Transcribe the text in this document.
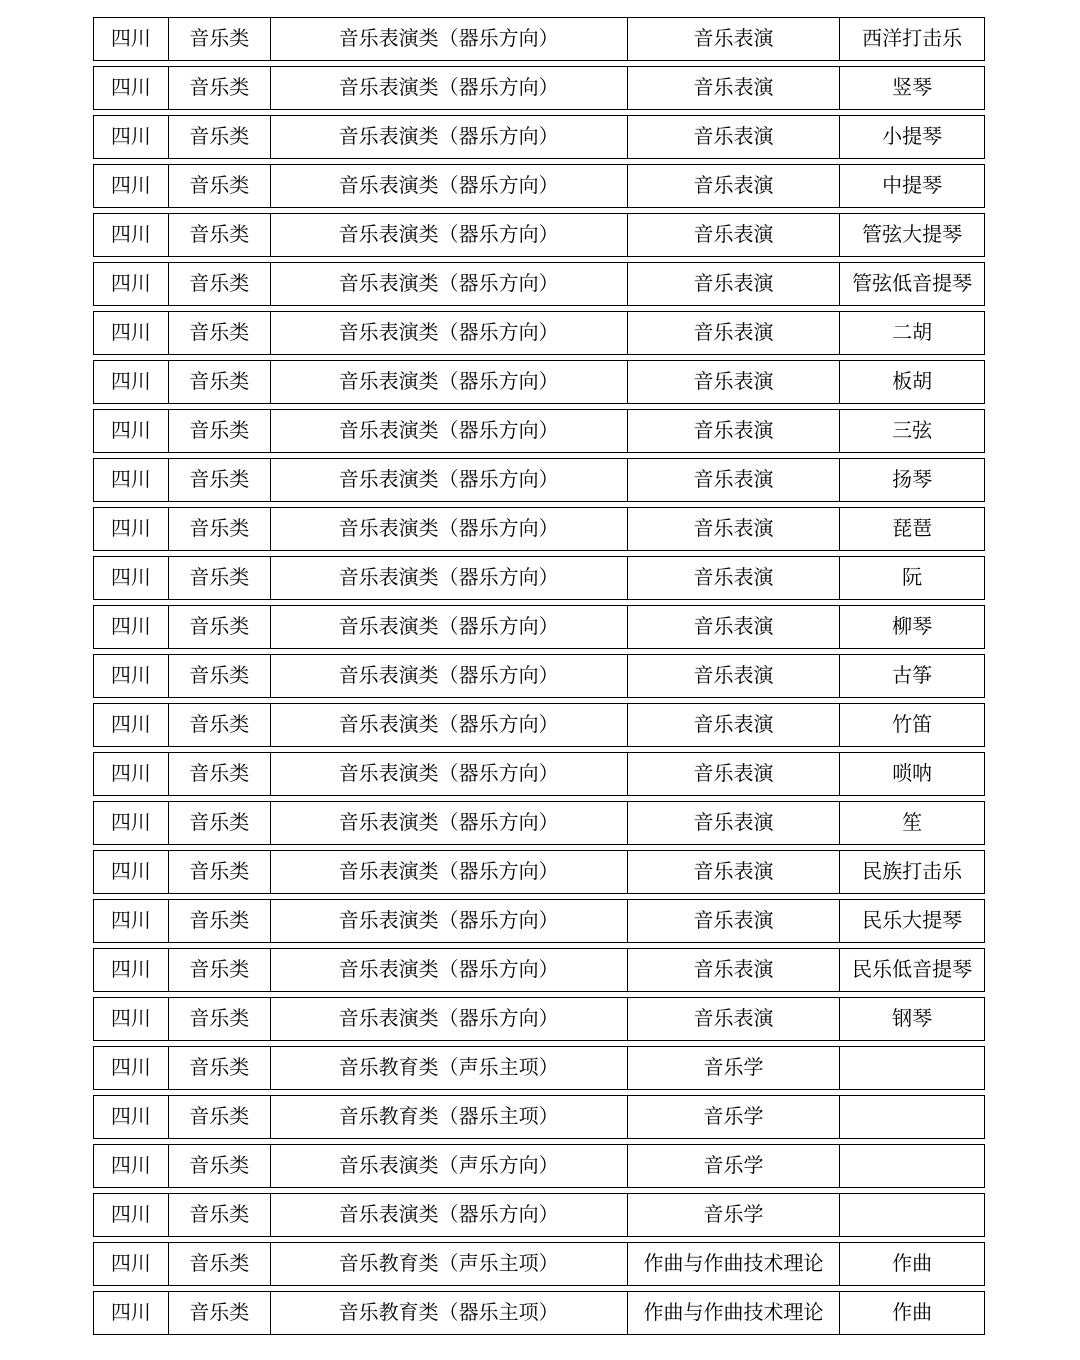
四川	音乐类	音乐表演类（器乐方向）	音乐表演	西洋打击乐
四川	音乐类	音乐表演类（器乐方向）	音乐表演	竖琴
四川	音乐类	音乐表演类（器乐方向）	音乐表演	小提琴
四川	音乐类	音乐表演类（器乐方向）	音乐表演	中提琴
四川	音乐类	音乐表演类（器乐方向）	音乐表演	管弦大提琴
四川	音乐类	音乐表演类（器乐方向）	音乐表演	管弦低音提琴
四川	音乐类	音乐表演类（器乐方向）	音乐表演	二胡
四川	音乐类	音乐表演类（器乐方向）	音乐表演	板胡
四川	音乐类	音乐表演类（器乐方向）	音乐表演	三弦
四川	音乐类	音乐表演类（器乐方向）	音乐表演	扬琴
四川	音乐类	音乐表演类（器乐方向）	音乐表演	琵琶
四川	音乐类	音乐表演类（器乐方向）	音乐表演	阮
四川	音乐类	音乐表演类（器乐方向）	音乐表演	柳琴
四川	音乐类	音乐表演类（器乐方向）	音乐表演	古筝
四川	音乐类	音乐表演类（器乐方向）	音乐表演	竹笛
四川	音乐类	音乐表演类（器乐方向）	音乐表演	唢呐
四川	音乐类	音乐表演类（器乐方向）	音乐表演	笙
四川	音乐类	音乐表演类（器乐方向）	音乐表演	民族打击乐
四川	音乐类	音乐表演类（器乐方向）	音乐表演	民乐大提琴
四川	音乐类	音乐表演类（器乐方向）	音乐表演	民乐低音提琴
四川	音乐类	音乐表演类（器乐方向）	音乐表演	钢琴
四川	音乐类	音乐教育类（声乐主项）	音乐学
四川	音乐类	音乐教育类（器乐主项）	音乐学
四川	音乐类	音乐表演类（声乐方向）	音乐学
四川	音乐类	音乐表演类（器乐方向）	音乐学
四川	音乐类	音乐教育类（声乐主项）	作曲与作曲技术理论	作曲
四川	音乐类	音乐教育类（器乐主项）	作曲与作曲技术理论	作曲
